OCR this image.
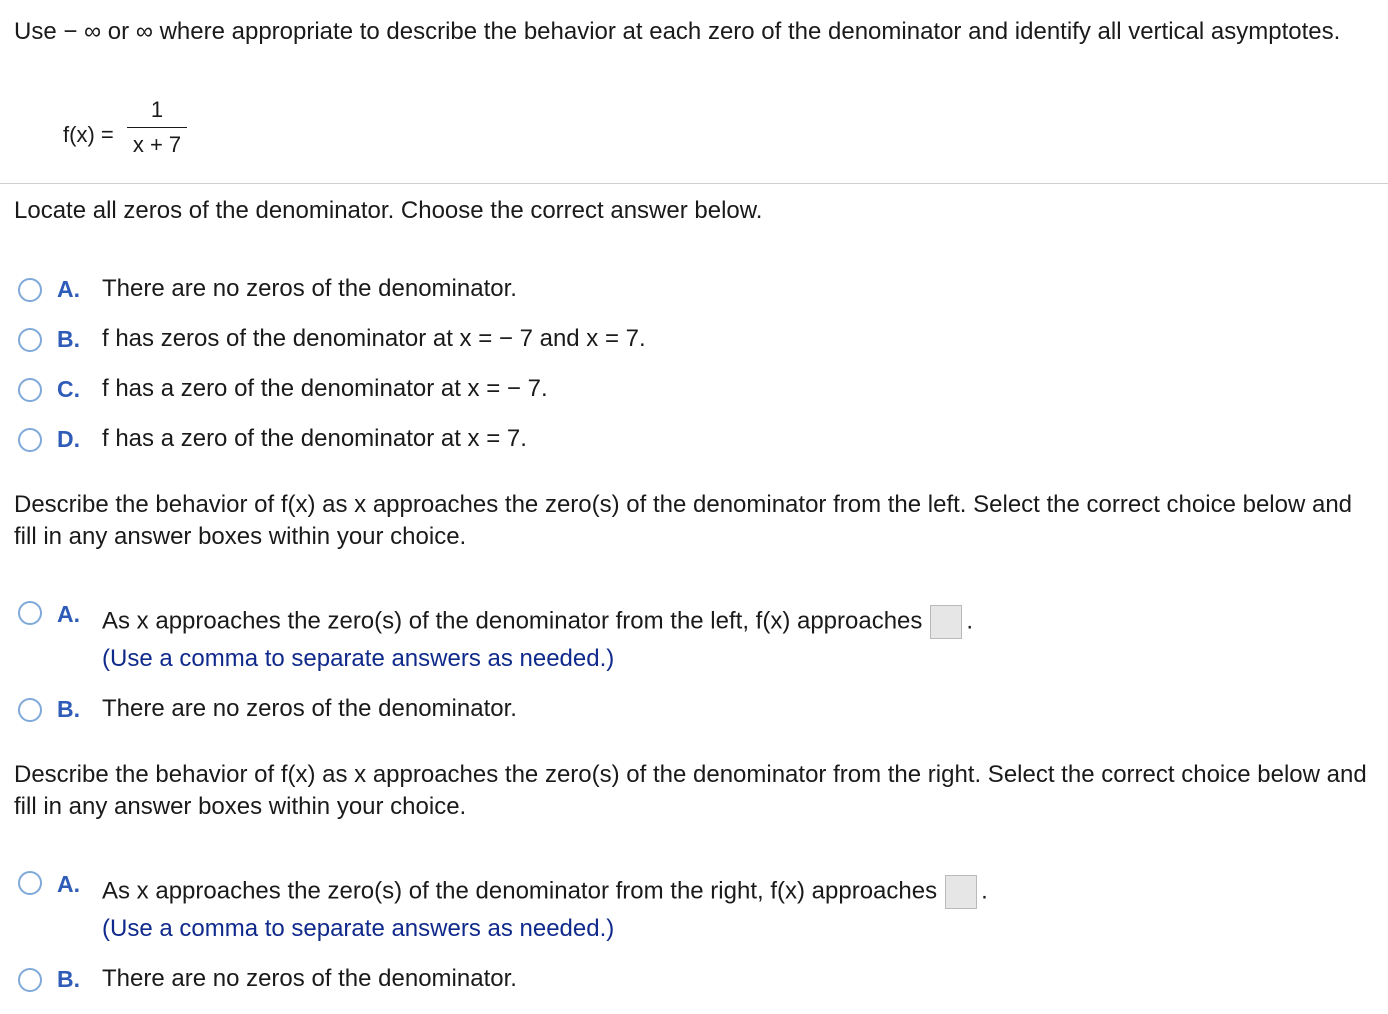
Use − ∞ or ∞ where appropriate to describe the behavior at each zero of the denominator and identify all vertical asymptotes.
f(x) =
1
x + 7
Locate all zeros of the denominator. Choose the correct answer below.
A. There are no zeros of the denominator.
B. f has zeros of the denominator at x = − 7 and x = 7.
C. f has a zero of the denominator at x = − 7.
D. f has a zero of the denominator at x = 7.
Describe the behavior of f(x) as x approaches the zero(s) of the denominator from the left. Select the correct choice below and fill in any answer boxes within your choice.
A. As x approaches the zero(s) of the denominator from the left, f(x) approaches .
(Use a comma to separate answers as needed.)
B. There are no zeros of the denominator.
Describe the behavior of f(x) as x approaches the zero(s) of the denominator from the right. Select the correct choice below and fill in any answer boxes within your choice.
A. As x approaches the zero(s) of the denominator from the right, f(x) approaches .
(Use a comma to separate answers as needed.)
B. There are no zeros of the denominator.
